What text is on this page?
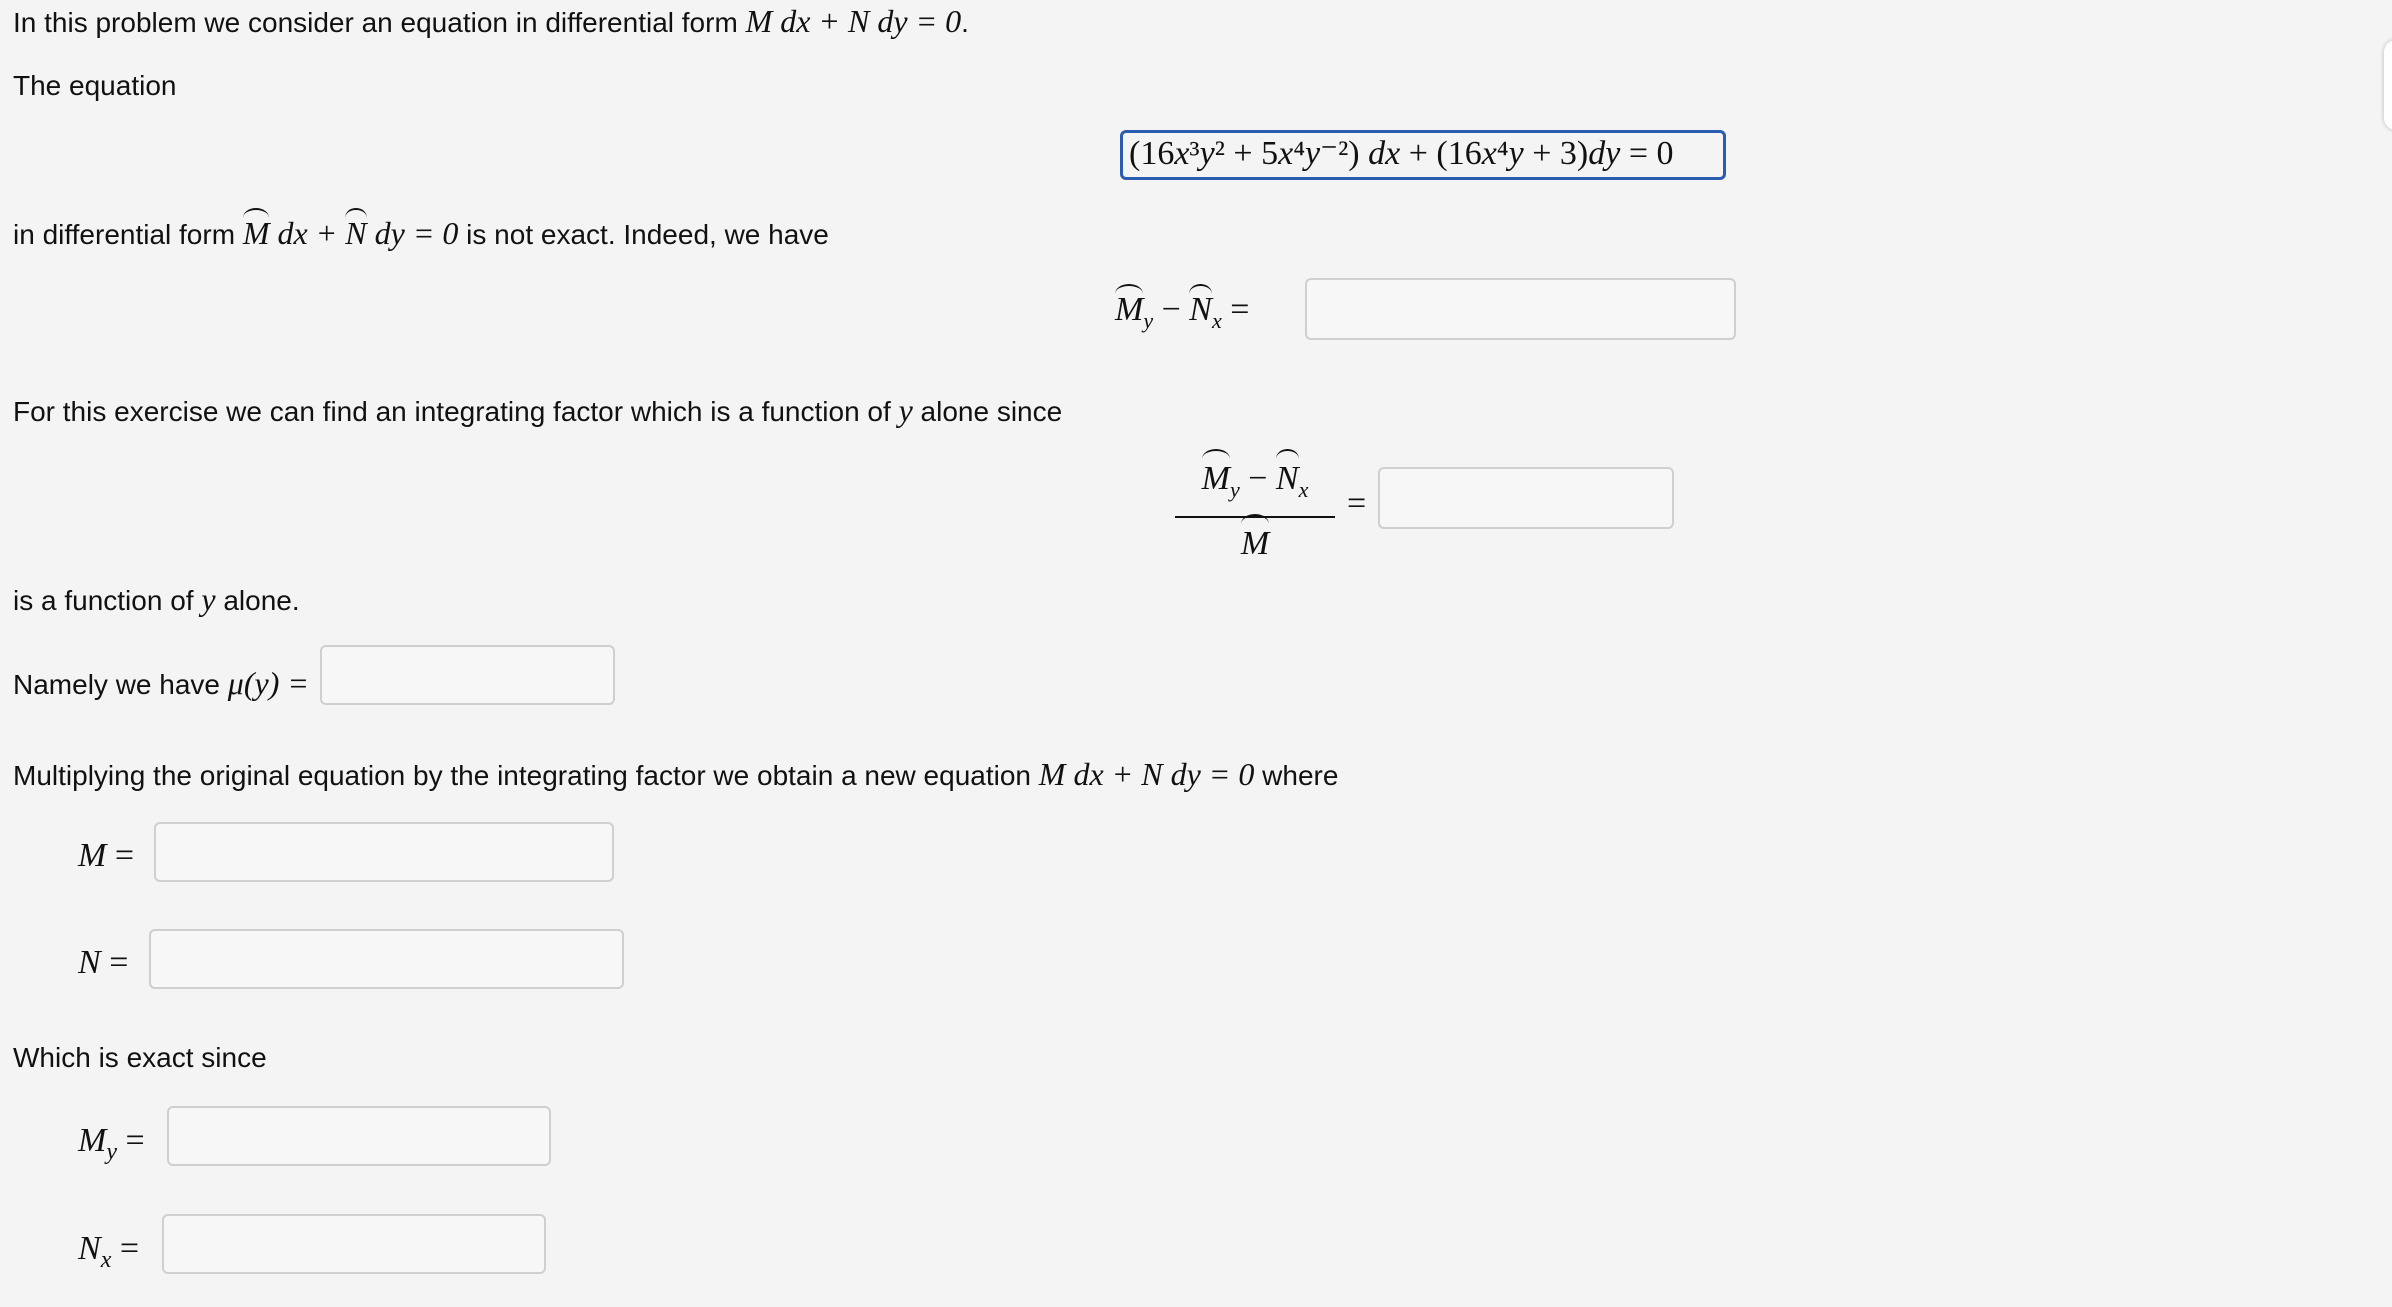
In this problem we consider an equation in differential form M dx + N dy = 0.
The equation
(16x³y² + 5x⁴y⁻²) dx + (16x⁴y + 3)dy = 0
in differential form M dx + N dy = 0 is not exact. Indeed, we have
$M_y - N_x$ =
For this exercise we can find an integrating factor which is a function of y alone since
$M_y - N_x$
M
=
is a function of y alone.
Namely we have μ(y) =
Multiplying the original equation by the integrating factor we obtain a new equation M dx + N dy = 0 where
M =
N =
Which is exact since
$M_y$ =
$N_x$ =
